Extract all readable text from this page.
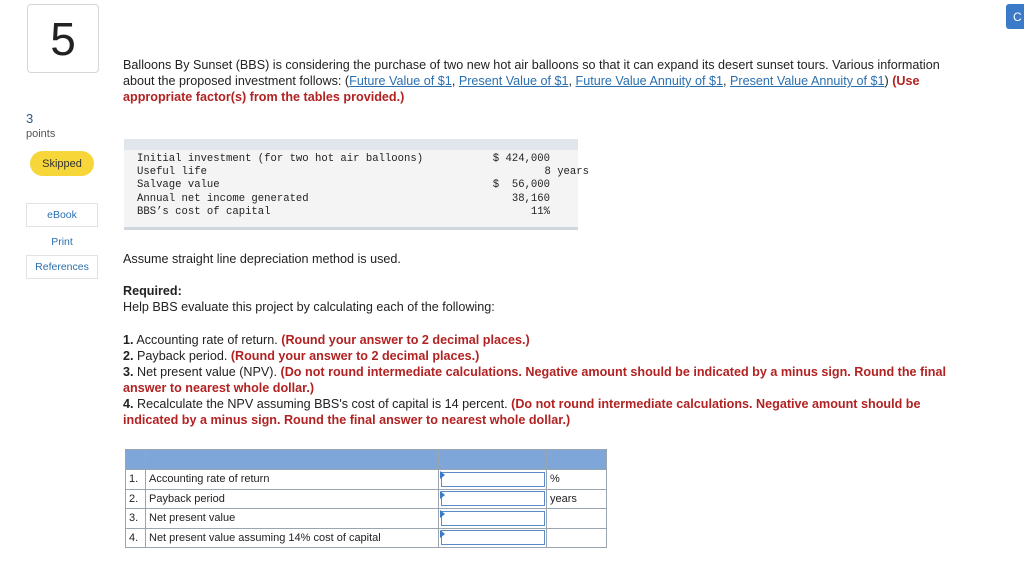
5
3
points
Skipped
eBook
Print
References
C
Balloons By Sunset (BBS) is considering the purchase of two new hot air balloons so that it can expand its desert sunset tours. Various information about the proposed investment follows: (Future Value of $1, Present Value of $1, Future Value Annuity of $1, Present Value Annuity of $1) (Use appropriate factor(s) from the tables provided.)
Initial investment (for two hot air balloons)	$ 424,000
Useful life	8 years
Salvage value	$  56,000
Annual net income generated	38,160
BBS’s cost of capital	11%
Assume straight line depreciation method is used.
Required:
Help BBS evaluate this project by calculating each of the following:
1. Accounting rate of return. (Round your answer to 2 decimal places.)
2. Payback period. (Round your answer to 2 decimal places.)
3. Net present value (NPV). (Do not round intermediate calculations. Negative amount should be indicated by a minus sign. Round the final answer to nearest whole dollar.)
4. Recalculate the NPV assuming BBS's cost of capital is 14 percent. (Do not round intermediate calculations. Negative amount should be indicated by a minus sign. Round the final answer to nearest whole dollar.)

1.	Accounting rate of return		%
2.	Payback period		years
3.	Net present value	

4.	Net present value assuming 14% cost of capital	
